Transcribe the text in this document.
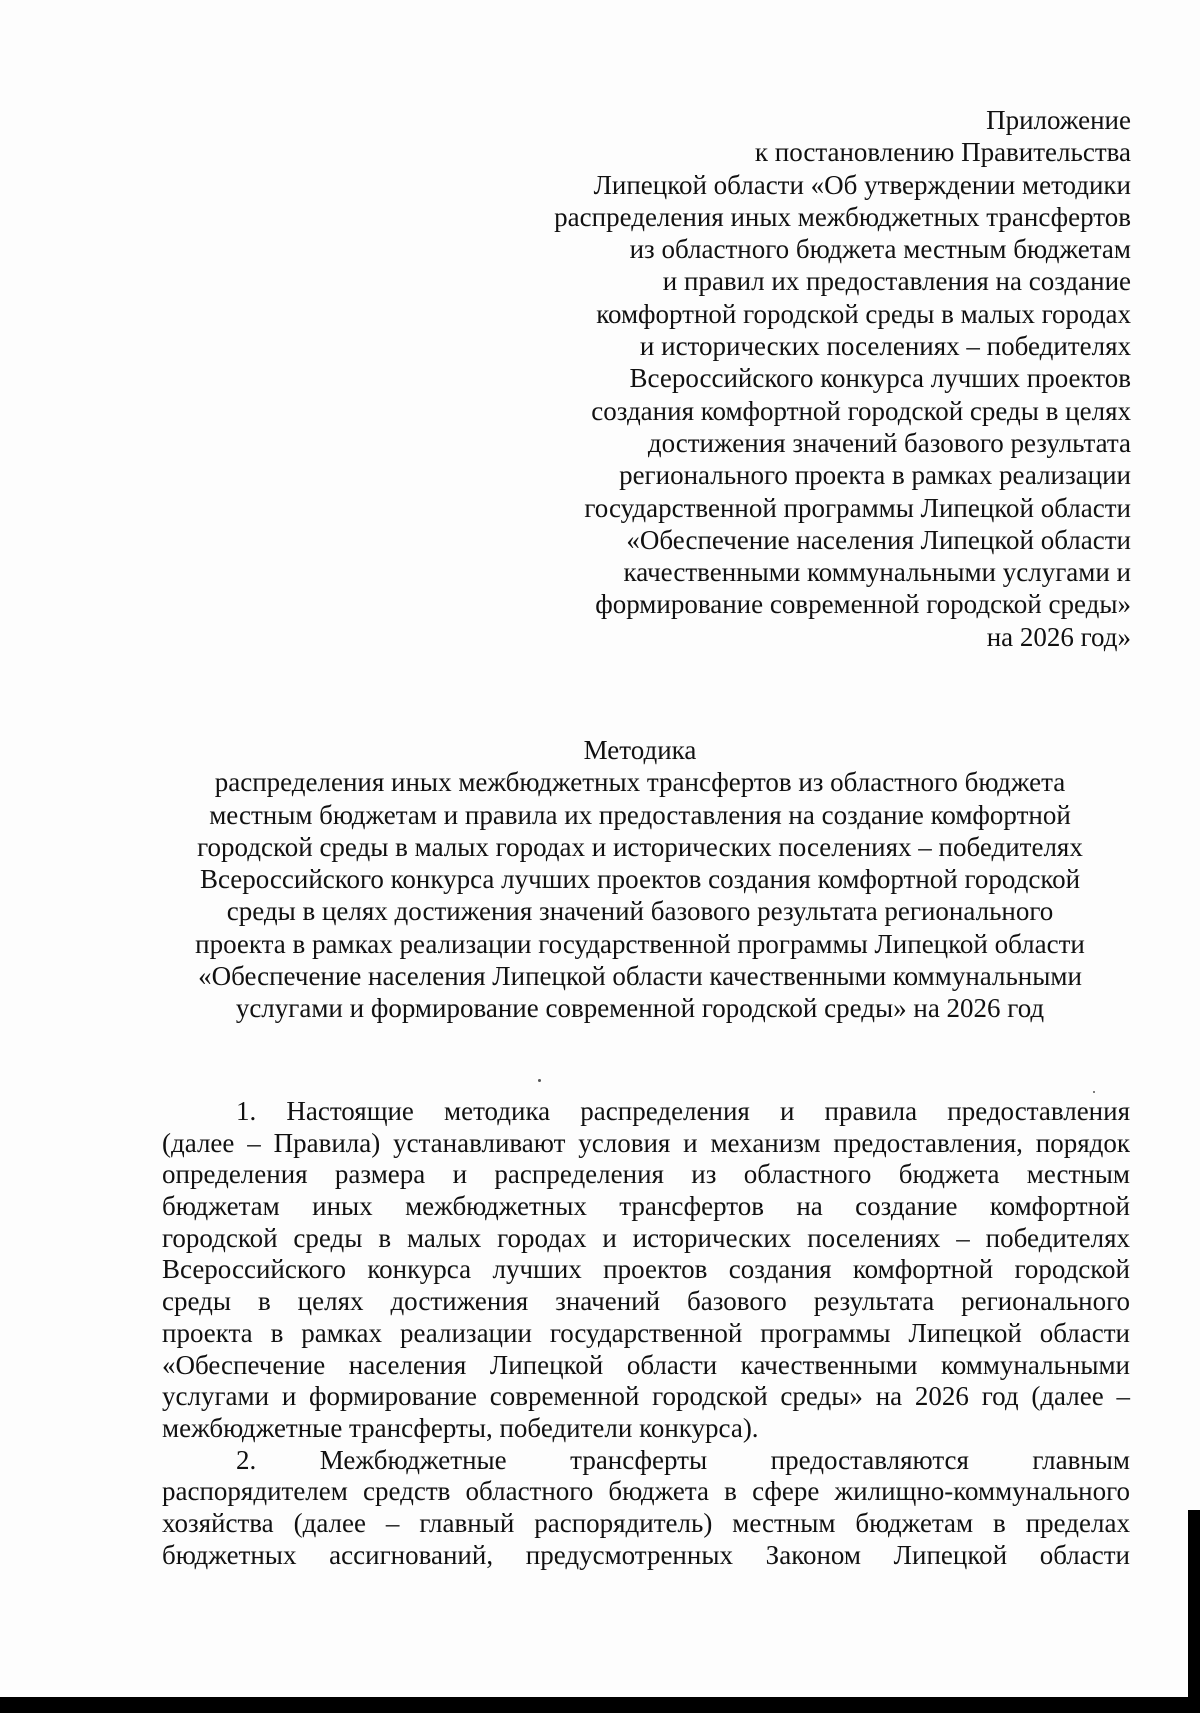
Приложение
к постановлению Правительства
Липецкой области «Об утверждении методики
распределения иных межбюджетных трансфертов
из областного бюджета местным бюджетам
и правил их предоставления на создание
комфортной городской среды в малых городах
и исторических поселениях – победителях
Всероссийского конкурса лучших проектов
создания комфортной городской среды в целях
достижения значений базового результата
регионального проекта в рамках реализации
государственной программы Липецкой области
«Обеспечение населения Липецкой области
качественными коммунальными услугами и
формирование современной городской среды»
на 2026 год»
Методика
распределения иных межбюджетных трансфертов из областного бюджета
местным бюджетам и правила их предоставления на создание комфортной
городской среды в малых городах и исторических поселениях – победителях
Всероссийского конкурса лучших проектов создания комфортной городской
среды в целях достижения значений базового результата регионального
проекта в рамках реализации государственной программы Липецкой области
«Обеспечение населения Липецкой области качественными коммунальными
услугами и формирование современной городской среды» на 2026 год
1. Настоящие методика распределения и правила предоставления
(далее – Правила) устанавливают условия и механизм предоставления, порядок
определения размера и распределения из областного бюджета местным
бюджетам иных межбюджетных трансфертов на создание комфортной
городской среды в малых городах и исторических поселениях – победителях
Всероссийского конкурса лучших проектов создания комфортной городской
среды в целях достижения значений базового результата регионального
проекта в рамках реализации государственной программы Липецкой области
«Обеспечение населения Липецкой области качественными коммунальными
услугами и формирование современной городской среды» на 2026 год (далее –
межбюджетные трансферты, победители конкурса).
2. Межбюджетные трансферты предоставляются главным
распорядителем средств областного бюджета в сфере жилищно-коммунального
хозяйства (далее – главный распорядитель) местным бюджетам в пределах
бюджетных ассигнований, предусмотренных Законом Липецкой области
